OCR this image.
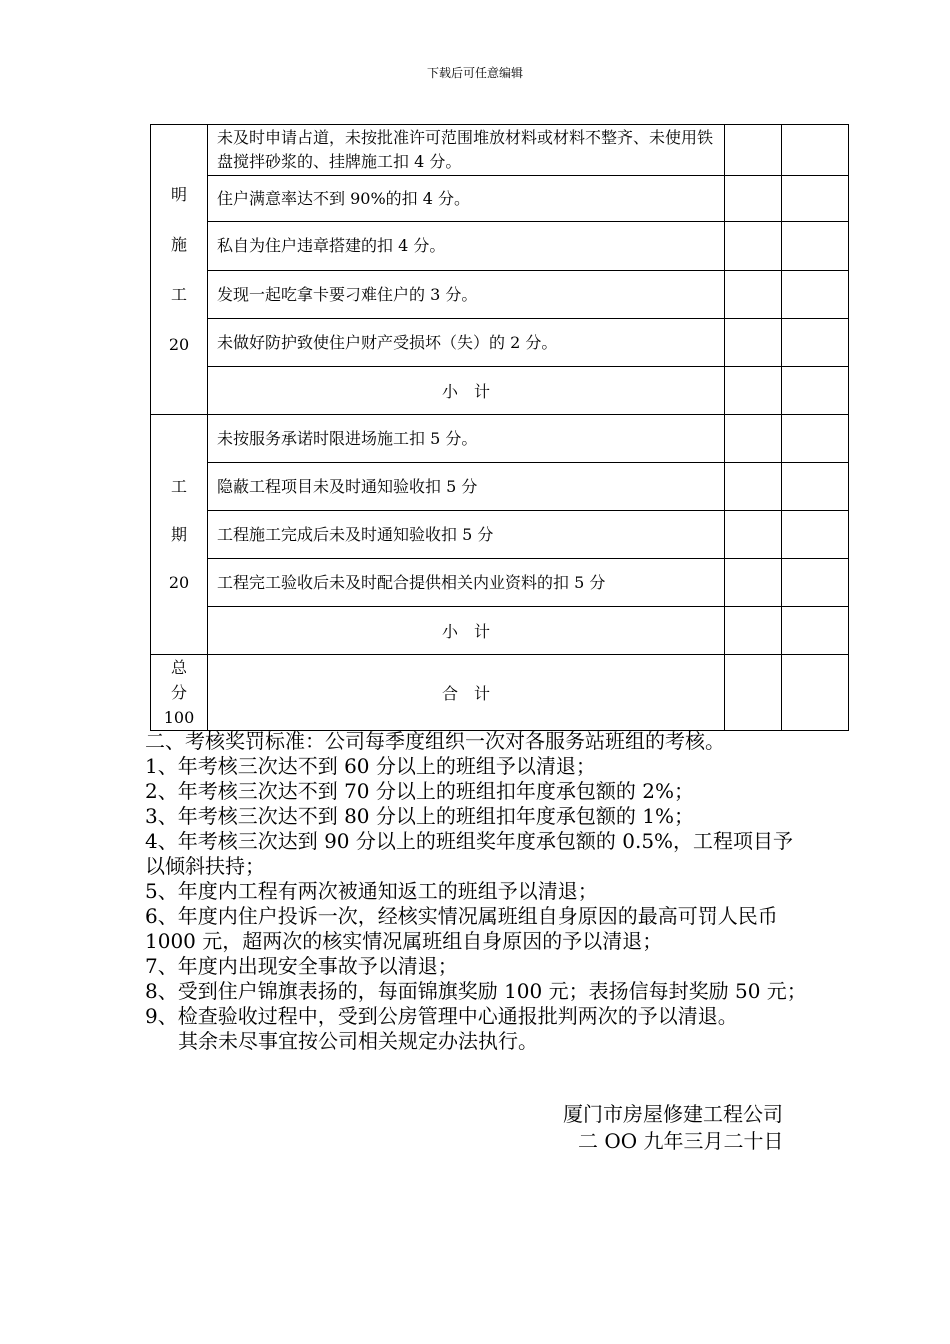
下载后可任意编辑
明
施
工
20	未及时申请占道，未按批准许可范围堆放材料或材料不整齐、未使用铁盘搅拌砂浆的、挂牌施工扣 4 分。		
	住户满意率达不到 90%的扣 4 分。		
	私自为住户违章搭建的扣 4 分。		
	发现一起吃拿卡要刁难住户的 3 分。		
	未做好防护致使住户财产受损坏（失）的 2 分。		
	小　计		

工
期
20	未按服务承诺时限进场施工扣 5 分。		
	隐蔽工程项目未及时通知验收扣 5 分		
	工程施工完成后未及时通知验收扣 5 分		
	工程完工验收后未及时配合提供相关内业资料的扣 5 分		
	小　计		

总
分
100	合　计		

二、考核奖罚标准：公司每季度组织一次对各服务站班组的考核。

1、年考核三次达不到 60 分以上的班组予以清退；

2、年考核三次达不到 70 分以上的班组扣年度承包额的 2%；

3、年考核三次达不到 80 分以上的班组扣年度承包额的 1%；

4、年考核三次达到 90 分以上的班组奖年度承包额的 0.5%，工程项目予以倾斜扶持；

5、年度内工程有两次被通知返工的班组予以清退；

6、年度内住户投诉一次，经核实情况属班组自身原因的最高可罚人民币 1000 元，超两次的核实情况属班组自身原因的予以清退；

7、年度内出现安全事故予以清退；

8、受到住户锦旗表扬的，每面锦旗奖励 100 元；表扬信每封奖励 50 元；

9、检查验收过程中，受到公房管理中心通报批判两次的予以清退。

其余未尽事宜按公司相关规定办法执行。

厦门市房屋修建工程公司
二 OO 九年三月二十日
